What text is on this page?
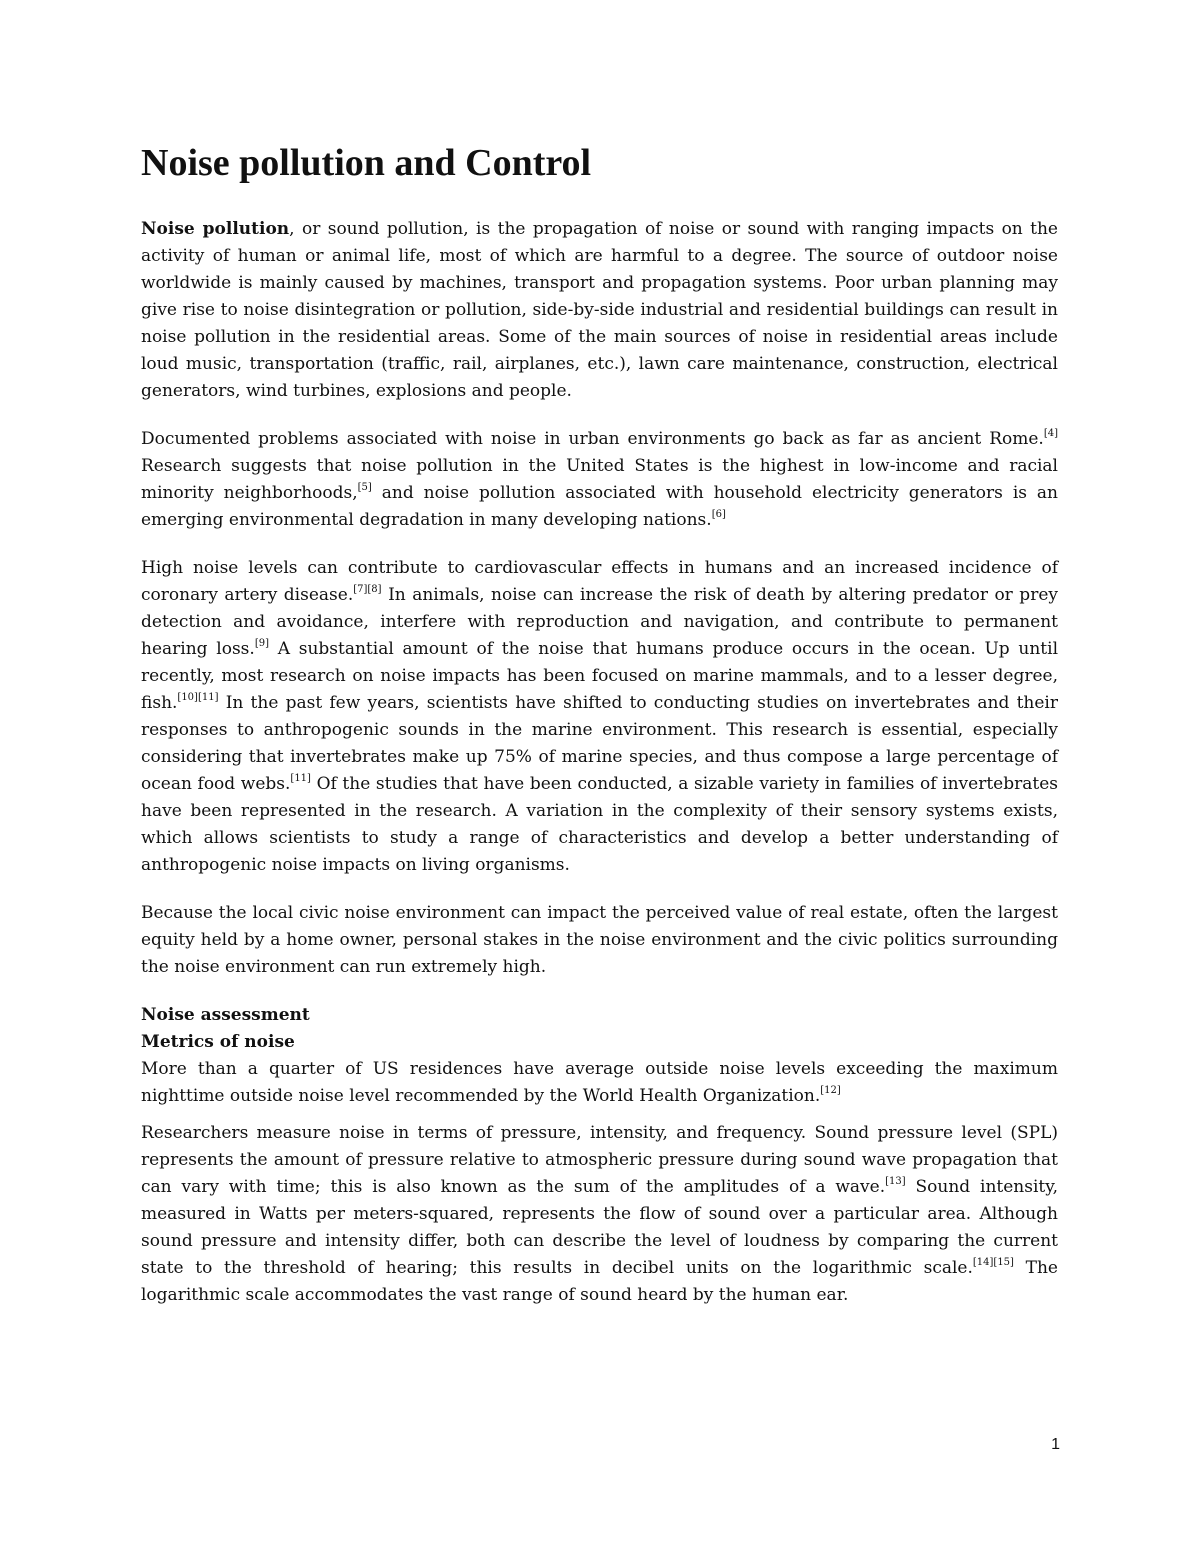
Noise pollution and Control

Noise pollution, or sound pollution, is the propagation of noise or sound with ranging impacts on the activity of human or animal life, most of which are harmful to a degree. The source of outdoor noise worldwide is mainly caused by machines, transport and propagation systems. Poor urban planning may give rise to noise disintegration or pollution, side-by-side industrial and residential buildings can result in noise pollution in the residential areas. Some of the main sources of noise in residential areas include loud music, transportation (traffic, rail, airplanes, etc.), lawn care maintenance, construction, electrical generators, wind turbines, explosions and people.

Documented problems associated with noise in urban environments go back as far as ancient Rome.[4] Research suggests that noise pollution in the United States is the highest in low-income and racial minority neighborhoods,[5] and noise pollution associated with household electricity generators is an emerging environmental degradation in many developing nations.[6]

High noise levels can contribute to cardiovascular effects in humans and an increased incidence of coronary artery disease.[7][8] In animals, noise can increase the risk of death by altering predator or prey detection and avoidance, interfere with reproduction and navigation, and contribute to permanent hearing loss.[9] A substantial amount of the noise that humans produce occurs in the ocean. Up until recently, most research on noise impacts has been focused on marine mammals, and to a lesser degree, fish.[10][11] In the past few years, scientists have shifted to conducting studies on invertebrates and their responses to anthropogenic sounds in the marine environment. This research is essential, especially considering that invertebrates make up 75% of marine species, and thus compose a large percentage of ocean food webs.[11] Of the studies that have been conducted, a sizable variety in families of invertebrates have been represented in the research. A variation in the complexity of their sensory systems exists, which allows scientists to study a range of characteristics and develop a better understanding of anthropogenic noise impacts on living organisms.

Because the local civic noise environment can impact the perceived value of real estate, often the largest equity held by a home owner, personal stakes in the noise environment and the civic politics surrounding the noise environment can run extremely high.

Noise assessment
Metrics of noise

More than a quarter of US residences have average outside noise levels exceeding the maximum nighttime outside noise level recommended by the World Health Organization.[12]

Researchers measure noise in terms of pressure, intensity, and frequency. Sound pressure level (SPL) represents the amount of pressure relative to atmospheric pressure during sound wave propagation that can vary with time; this is also known as the sum of the amplitudes of a wave.[13] Sound intensity, measured in Watts per meters-squared, represents the flow of sound over a particular area. Although sound pressure and intensity differ, both can describe the level of loudness by comparing the current state to the threshold of hearing; this results in decibel units on the logarithmic scale.[14][15] The logarithmic scale accommodates the vast range of sound heard by the human ear.

1
